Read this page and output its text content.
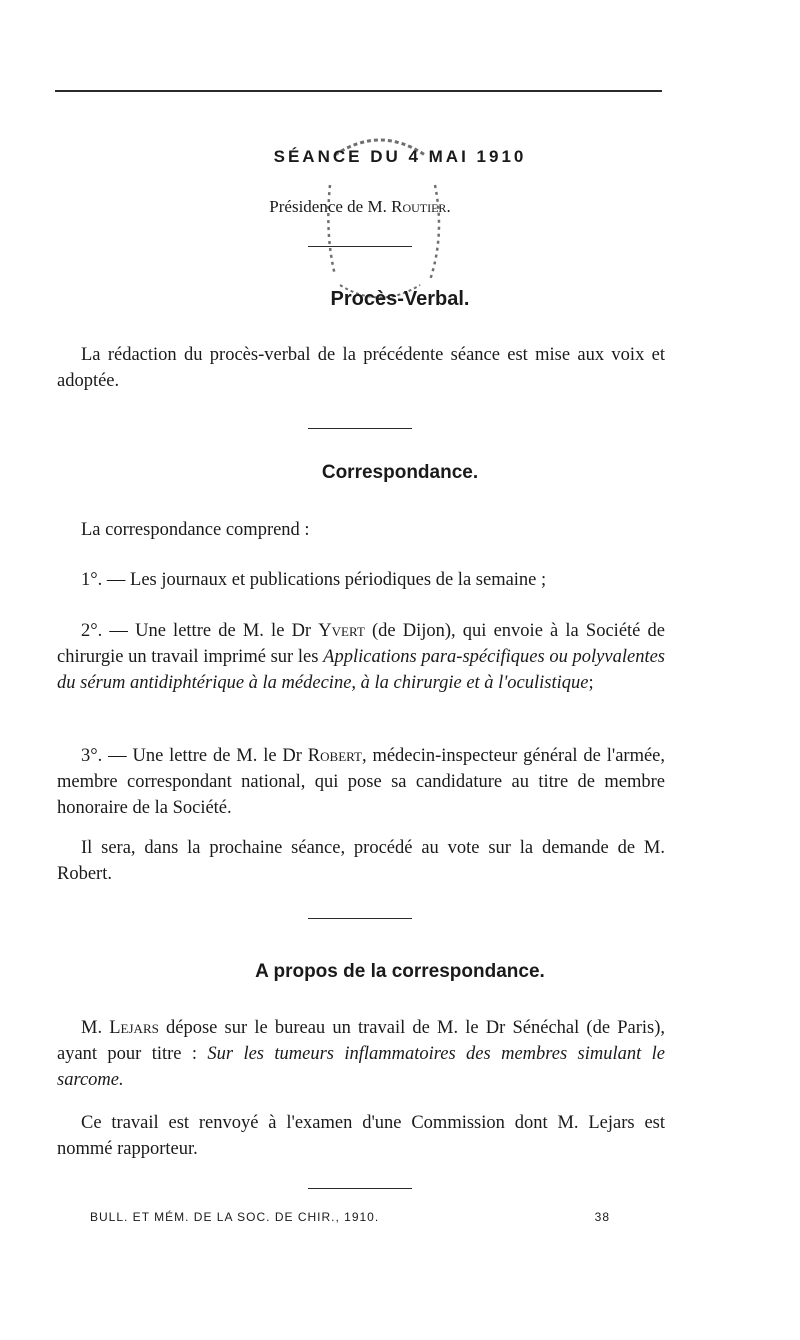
SÉANCE DU 4 MAI 1910
Présidence de M. Routier.
Procès-Verbal.

La rédaction du procès-verbal de la précédente séance est mise aux voix et adoptée.

Correspondance.

La correspondance comprend :

1°. — Les journaux et publications périodiques de la semaine ;

2°. — Une lettre de M. le Dr Yvert (de Dijon), qui envoie à la Société de chirurgie un travail imprimé sur les Applications para-spécifiques ou polyvalentes du sérum antidiphtérique à la médecine, à la chirurgie et à l'oculistique;

3°. — Une lettre de M. le Dr Robert, médecin-inspecteur général de l'armée, membre correspondant national, qui pose sa candidature au titre de membre honoraire de la Société.

Il sera, dans la prochaine séance, procédé au vote sur la demande de M. Robert.

A propos de la correspondance.

M. Lejars dépose sur le bureau un travail de M. le Dr Sénéchal (de Paris), ayant pour titre : Sur les tumeurs inflammatoires des membres simulant le sarcome.

Ce travail est renvoyé à l'examen d'une Commission dont M. Lejars est nommé rapporteur.

BULL. ET MÉM. DE LA SOC. DE CHIR., 1910.	38
